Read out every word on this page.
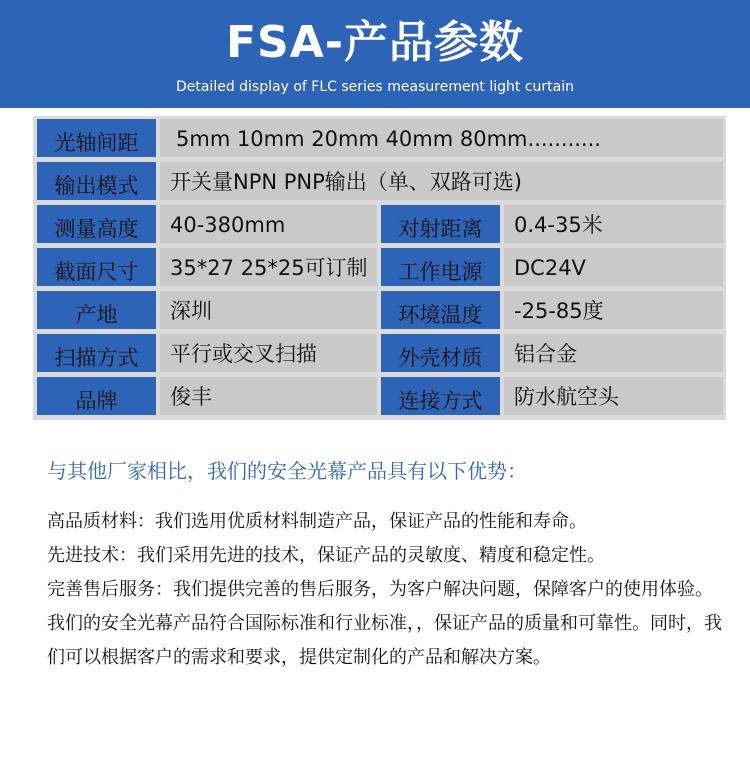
FSA-产品参数
Detailed display of FLC series measurement light curtain
光轴间距	5mm 10mm 20mm 40mm 80mm...........
输出模式	开关量NPN PNP输出（单、双路可选)
测量高度	40-380mm	对射距离	0.4-35米
截面尺寸	35*27 25*25可订制	工作电源	DC24V
产地	深圳	环境温度	-25-85度
扫描方式	平行或交叉扫描	外壳材质	铝合金
品牌	俊丰	连接方式	防水航空头
与其他厂家相比，我们的安全光幕产品具有以下优势：

高品质材料：我们选用优质材料制造产品，保证产品的性能和寿命。

先进技术：我们采用先进的技术，保证产品的灵敏度、精度和稳定性。

完善售后服务：我们提供完善的售后服务，为客户解决问题，保障客户的使用体验。

我们的安全光幕产品符合国际标准和行业标准，，保证产品的质量和可靠性。同时，我们可以根据客户的需求和要求，提供定制化的产品和解决方案。
